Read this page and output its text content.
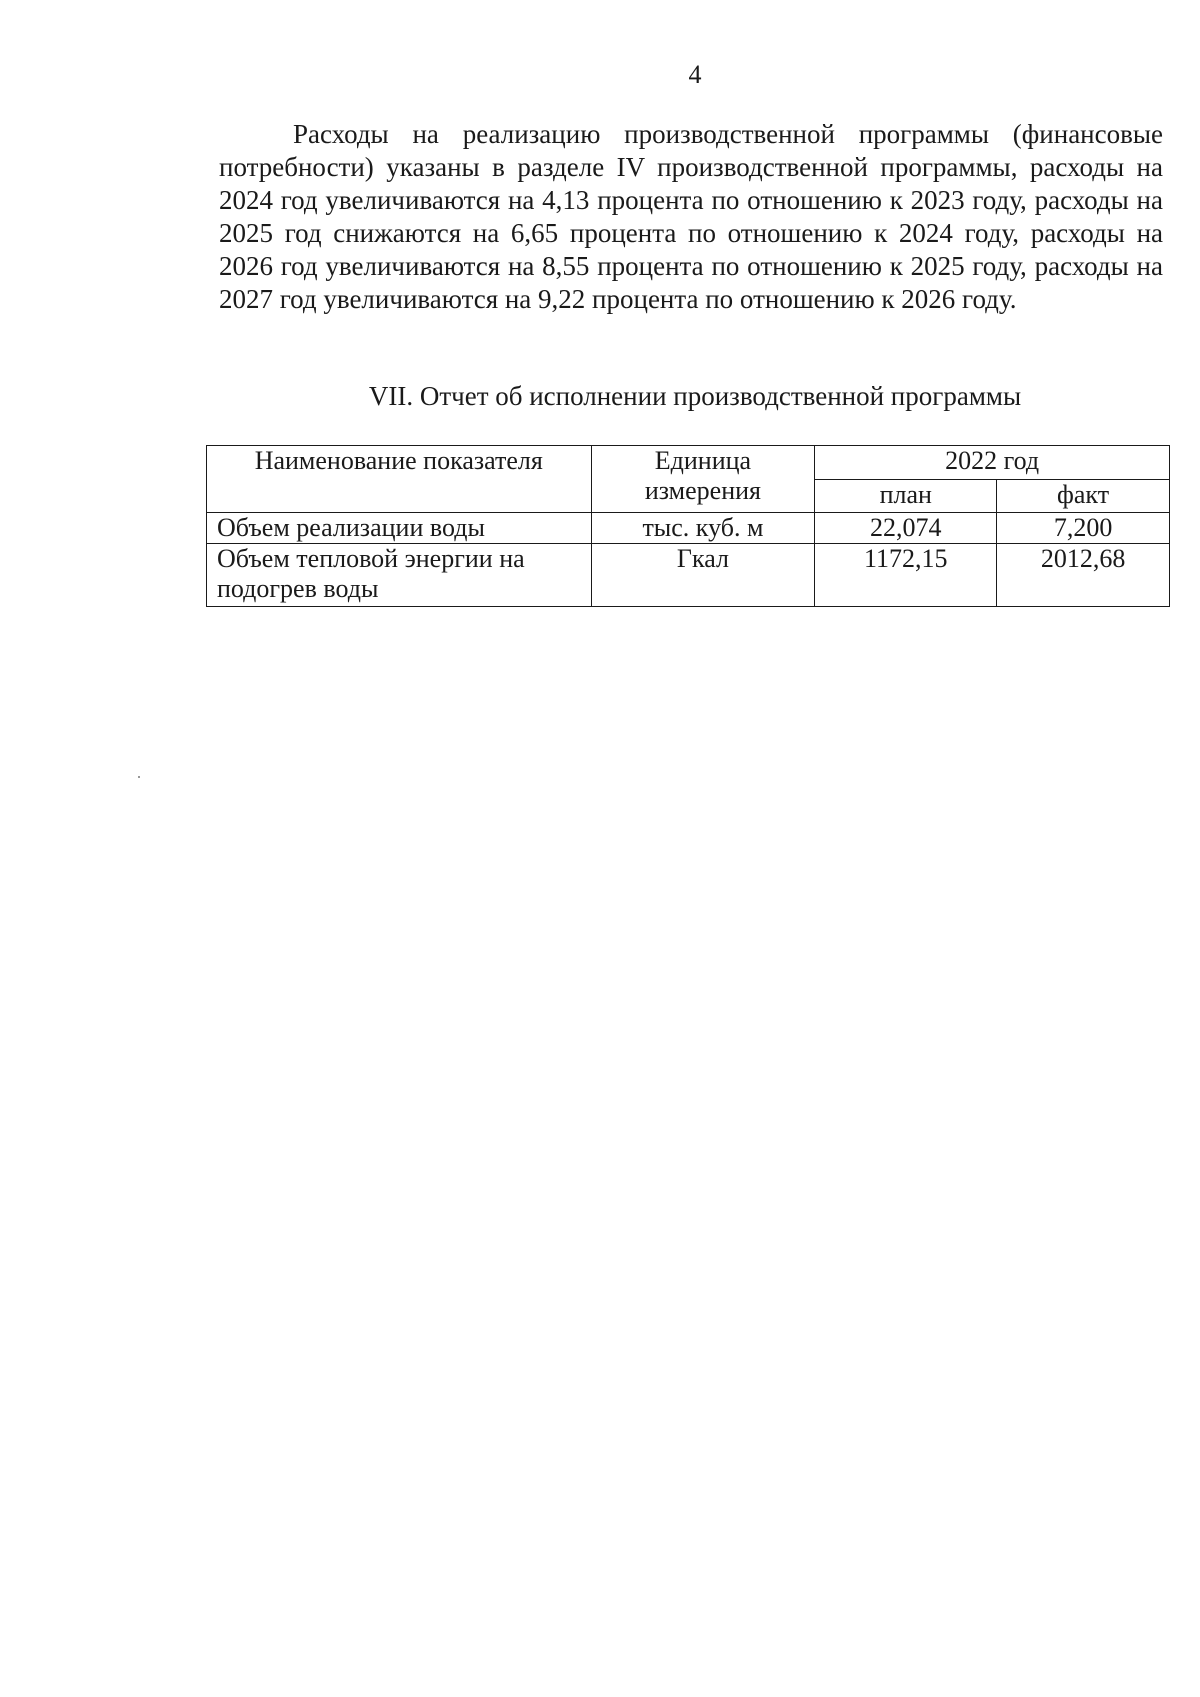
4

Расходы на реализацию производственной программы (финансовые потребности) указаны в разделе IV производственной программы, расходы на 2024 год увеличиваются на 4,13 процента по отношению к 2023 году, расходы на 2025 год снижаются на 6,65 процента по отношению к 2024 году, расходы на 2026 год увеличиваются на 8,55 процента по отношению к 2025 году, расходы на 2027 год увеличиваются на 9,22 процента по отношению к 2026 году.

VII. Отчет об исполнении производственной программы
Наименование показателя	Единица измерения	2022 год	
		план	факт
Объем реализации воды	тыс. куб. м	22,074	7,200
Объем тепловой энергии на подогрев воды	Гкал	1172,15	2012,68
